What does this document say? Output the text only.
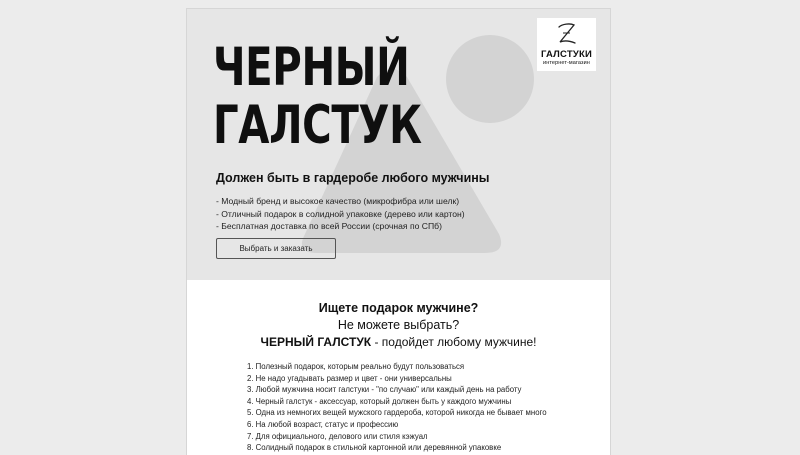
ГАЛСТУКИ
интернет-магазин
ЧЕРНЫЙ
ГАЛСТУК

Должен быть в гардеробе любого мужчины

- Модный бренд и высокое качество (микрофибра или шелк)
- Отличный подарок в солидной упаковке (дерево или картон)
- Бесплатная доставка по всей России (срочная по СПб)
Выбрать и заказать
Ищете подарок мужчине?
Не можете выбрать?
ЧЕРНЫЙ ГАЛСТУК - подойдет любому мужчине!
1. Полезный подарок, которым реально будут пользоваться
2. Не надо угадывать размер и цвет - они универсальны
3. Любой мужчина носит галстуки - "по случаю" или каждый день на работу
4. Черный галстук - аксессуар, который должен быть у каждого мужчины
5. Одна из немногих вещей мужского гардероба, которой никогда не бывает много
6. На любой возраст, статус и профессию
7. Для официального, делового или стиля кэжуал
8. Солидный подарок в стильной картонной или деревянной упаковке
